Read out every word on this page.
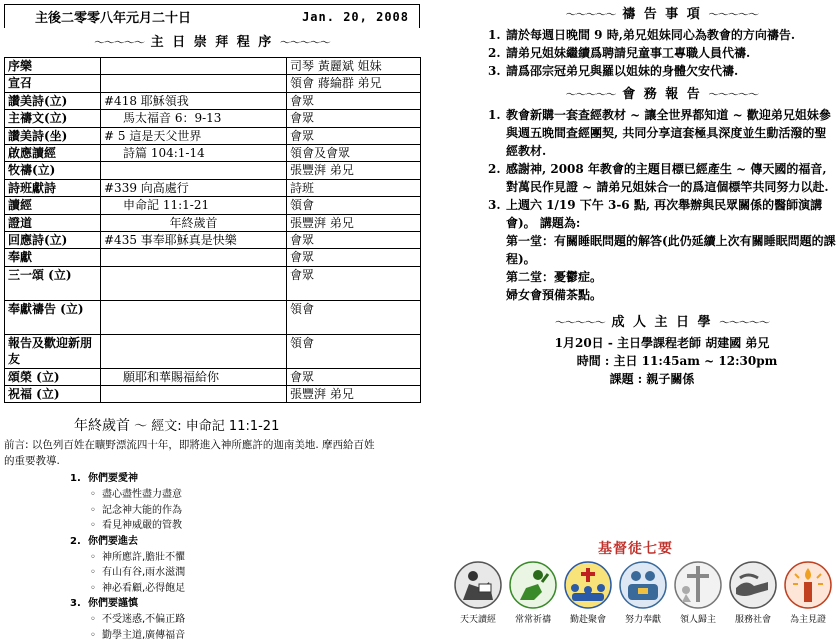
主後二零零八年元月二十日	Jan. 20, 2008
〜〜〜〜〜 主 日 崇 拜 程 序 〜〜〜〜〜
序樂		司琴 黃麗斌 姐妹
宣召		領會 蔣綸群 弟兄
讚美詩(立)	#418 耶穌領我	會眾
主禱文(立)	馬太福音 6：9-13	會眾
讚美詩(坐)	# 5 這是天父世界	會眾
啟應讀經	詩篇 104:1-14	領會及會眾
牧禱(立)		張豐湃 弟兄
詩班獻詩	#339 向高處行	詩班
讀經	申命記 11:1-21	領會
證道	年終歲首	張豐湃 弟兄
回應詩(立)	#435 事奉耶穌真是快樂	會眾
奉獻		會眾
三一頌 (立)		會眾
奉獻禱告 (立)		領會
報告及歡迎新朋友		領會
頌榮 (立)	願耶和華賜福給你	會眾
祝福 (立)		張豐湃 弟兄
年終歲首 ～ 經文: 申命記 11:1-21
前言: 以色列百姓在曠野漂流四十年，即將進入神所應許的迦南美地. 摩西給百姓的重要教導.
1. 你們要愛神
◦ 盡心盡性盡力盡意
◦ 記念神大能的作為
◦ 看見神威嚴的管教
2. 你們要進去
◦ 神所應許,膽壯不懼
◦ 有山有谷,雨水滋潤
◦ 神必看顧,必得飽足
3. 你們要謹慎
◦ 不受迷惑,不偏正路
◦ 勤學主道,廣傳福音
〜〜〜〜〜 禱 告 事 項 〜〜〜〜〜
1. 請於每週日晚間 9 時,弟兄姐妹同心為教會的方向禱告.
2. 請弟兄姐妹繼續爲聘請兒童事工專職人員代禱.
3. 請爲邵宗冠弟兄與羅以姐妹的身體欠安代禱.
〜〜〜〜〜 會 務 報 告 〜〜〜〜〜
1. 教會新購一套查經教材 ~ 讓全世界都知道 ~ 歡迎弟兄姐妹參與週五晚間查經團契, 共同分享這套極具深度並生動活潑的聖經教材.
2. 感謝神, 2008 年教會的主題目標已經產生 ~ 傳天國的福音, 對萬民作見證 ~ 請弟兄姐妹合一的爲這個標竿共同努力以赴.
3. 上週六 1/19 下午 3-6 點, 再次舉辦與民眾關係的醫師演講會)。 講題為:
第一堂：有關睡眠問題的解答(此仍延續上次有關睡眠問題的課程)。
第二堂：憂鬱症。
婦女會預備茶點。
〜〜〜〜〜 成 人 主 日 學 〜〜〜〜〜
1月20日 - 主日學課程老師 胡建國 弟兄
時間 : 主日 11:45am ~ 12:30pm
課題 : 親子關係
基督徒七要
天天讀經 常常祈禱 勤赴聚會 努力奉獻 領人歸主 服務社會 為主見證
